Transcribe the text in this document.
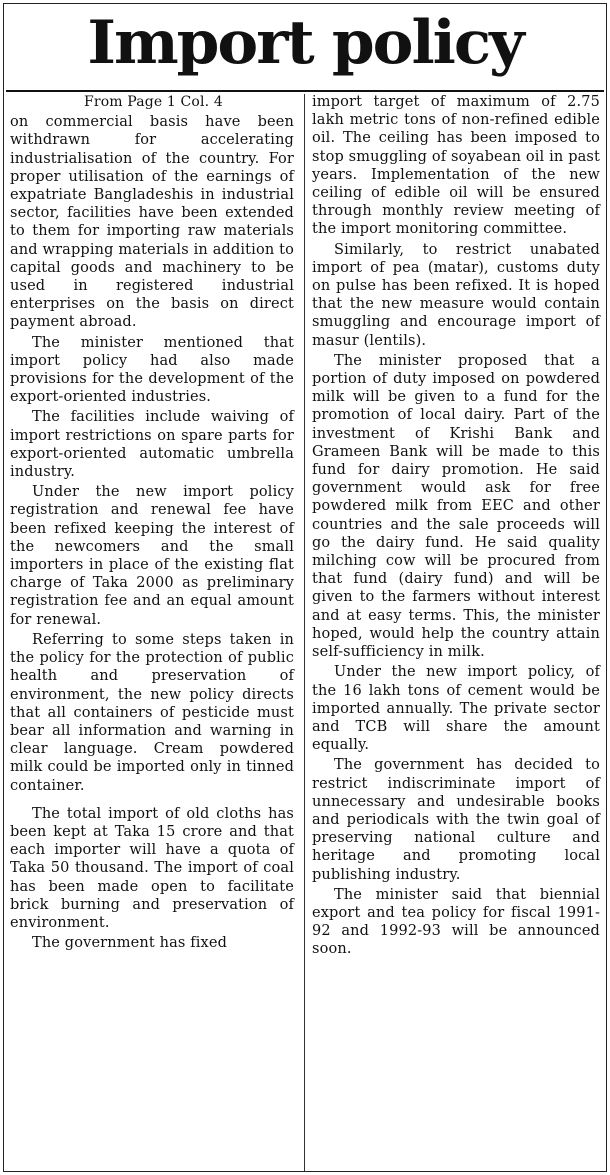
Import policy

From Page 1 Col. 4

on commercial basis have been withdrawn for accelerating industrialisation of the country. For proper utilisation of the earnings of expatriate Bangladeshis in industrial sector, facilities have been extended to them for importing raw materials and wrapping materials in addition to capital goods and machinery to be used in registered industrial enterprises on the basis on direct payment abroad.

The minister mentioned that import policy had also made provisions for the development of the export-oriented industries.

The facilities include waiving of import restrictions on spare parts for export-oriented automatic umbrella industry.

Under the new import policy registration and renewal fee have been refixed keeping the interest of the newcomers and the small importers in place of the existing flat charge of Taka 2000 as preliminary registration fee and an equal amount for renewal.

Referring to some steps taken in the policy for the protection of public health and preservation of environment, the new policy directs that all containers of pesticide must bear all information and warning in clear language. Cream powdered milk could be imported only in tinned container.

The total import of old cloths has been kept at Taka 15 crore and that each importer will have a quota of Taka 50 thousand. The import of coal has been made open to facilitate brick burning and preservation of environment.

The government has fixed

import target of maximum of 2.75 lakh metric tons of non-refined edible oil. The ceiling has been imposed to stop smuggling of soyabean oil in past years. Implementation of the new ceiling of edible oil will be ensured through monthly review meeting of the import monitoring committee.

Similarly, to restrict unabated import of pea (matar), customs duty on pulse has been refixed. It is hoped that the new measure would contain smuggling and encourage import of masur (lentils).

The minister proposed that a portion of duty imposed on powdered milk will be given to a fund for the promotion of local dairy. Part of the investment of Krishi Bank and Grameen Bank will be made to this fund for dairy promotion. He said government would ask for free powdered milk from EEC and other countries and the sale proceeds will go the dairy fund. He said quality milching cow will be procured from that fund (dairy fund) and will be given to the farmers without interest and at easy terms. This, the minister hoped, would help the country attain self-sufficiency in milk.

Under the new import policy, of the 16 lakh tons of cement would be imported annually. The private sector and TCB will share the amount equally.

The government has decided to restrict indiscriminate import of unnecessary and undesirable books and periodicals with the twin goal of preserving national culture and heritage and promoting local publishing industry.

The minister said that biennial export and tea policy for fiscal 1991-92 and 1992-93 will be announced soon.
